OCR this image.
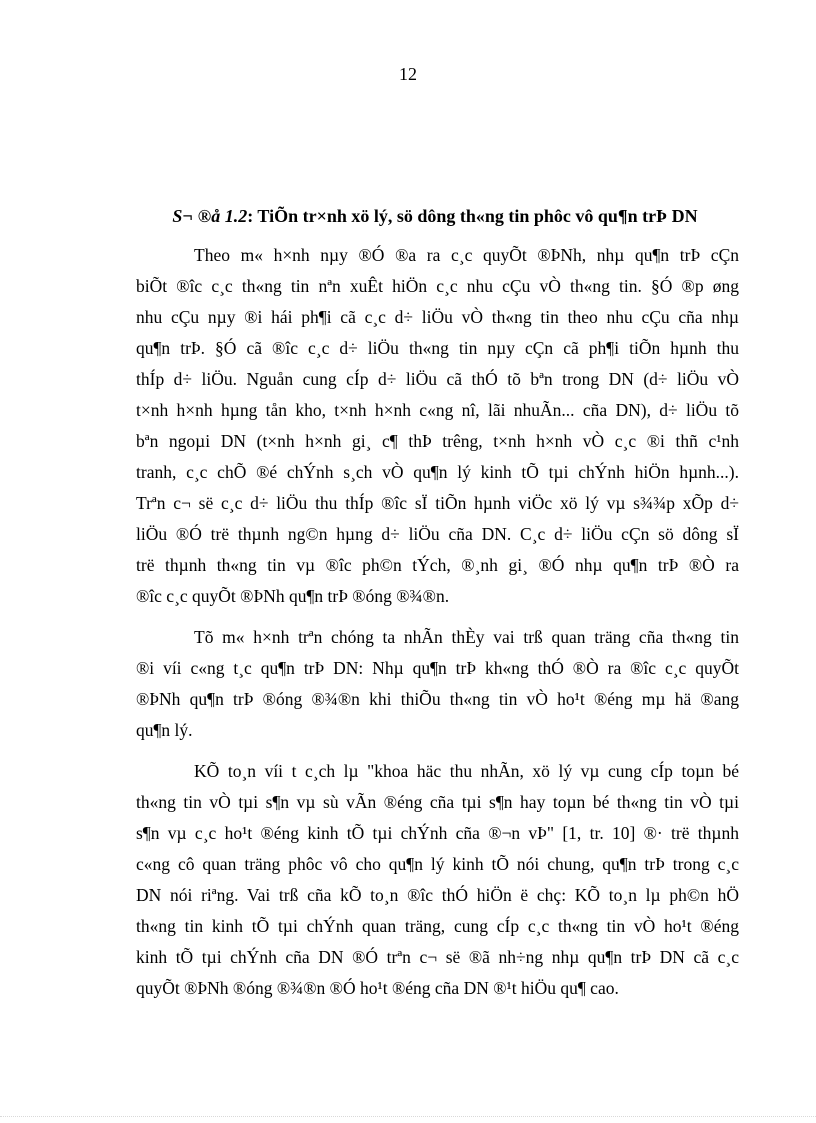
12
S¬ ®å 1.2: TiÕn tr×nh xö lý, sö dông th«ng tin phôc vô qu¶n trÞ DN
Theo m« h×nh nµy ®Ó ®a ra c¸c quyÕt ®ÞNh, nhµ qu¶n trÞ cÇn
biÕt ®îc c¸c th«ng tin nªn xuÊt hiÖn c¸c nhu cÇu vÒ th«ng tin. §Ó ®p øng
nhu cÇu nµy ®i hái ph¶i cã c¸c d÷ liÖu vÒ th«ng tin theo nhu cÇu cña nhµ
qu¶n trÞ. §Ó cã ®îc c¸c d÷ liÖu th«ng tin nµy cÇn cã ph¶i tiÕn hµnh thu
thÍp d÷ liÖu. Nguån cung cÍp d÷ liÖu cã thÓ tõ bªn trong DN (d÷ liÖu vÒ
t×nh h×nh hµng tån kho, t×nh h×nh c«ng nî, lãi nhuÃn... cña DN), d÷ liÖu tõ
bªn ngoµi DN (t×nh h×nh gi¸ c¶ thÞ trêng, t×nh h×nh vÒ c¸c ®i thñ c¹nh
tranh, c¸c chÕ ®é chÝnh s¸ch vÒ qu¶n lý kinh tÕ tµi chÝnh hiÖn hµnh...).
Trªn c¬ së c¸c d÷ liÖu thu thÍp ®îc sÏ tiÕn hµnh viÖc xö lý vµ s¾¾p xÕp d÷
liÖu ®Ó trë thµnh ng©n hµng d÷ liÖu cña DN. C¸c d÷ liÖu cÇn sö dông sÏ
trë thµnh th«ng tin vµ ®îc ph©n tÝch, ®¸nh gi¸ ®Ó nhµ qu¶n trÞ ®Ò ra
®îc c¸c quyÕt ®ÞNh qu¶n trÞ ®óng ®¾®n.
Tõ m« h×nh trªn chóng ta nhÃn thÈy vai trß quan träng cña th«ng tin
®i víi c«ng t¸c qu¶n trÞ DN: Nhµ qu¶n trÞ kh«ng thÓ ®Ò ra ®îc c¸c quyÕt
®ÞNh qu¶n trÞ ®óng ®¾®n khi thiÕu th«ng tin vÒ ho¹t ®éng mµ hä ®ang
qu¶n lý.
KÕ to¸n víi t c¸ch lµ "khoa häc thu nhÃn, xö lý vµ cung cÍp toµn bé
th«ng tin vÒ tµi s¶n vµ sù vÃn ®éng cña tµi s¶n hay toµn bé th«ng tin vÒ tµi
s¶n vµ c¸c ho¹t ®éng kinh tÕ tµi chÝnh cña ®¬n vÞ" [1, tr. 10] ®· trë thµnh
c«ng cô quan träng phôc vô cho qu¶n lý kinh tÕ nói chung, qu¶n trÞ trong c¸c
DN nói riªng. Vai trß cña kÕ to¸n ®îc thÓ hiÖn ë chç: KÕ to¸n lµ ph©n hÖ
th«ng tin kinh tÕ tµi chÝnh quan träng, cung cÍp c¸c th«ng tin vÒ ho¹t ®éng
kinh tÕ tµi chÝnh cña DN ®Ó trªn c¬ së ®ã nh÷ng nhµ qu¶n trÞ DN cã c¸c
quyÕt ®ÞNh ®óng ®¾®n ®Ó ho¹t ®éng cña DN ®¹t hiÖu qu¶ cao.
